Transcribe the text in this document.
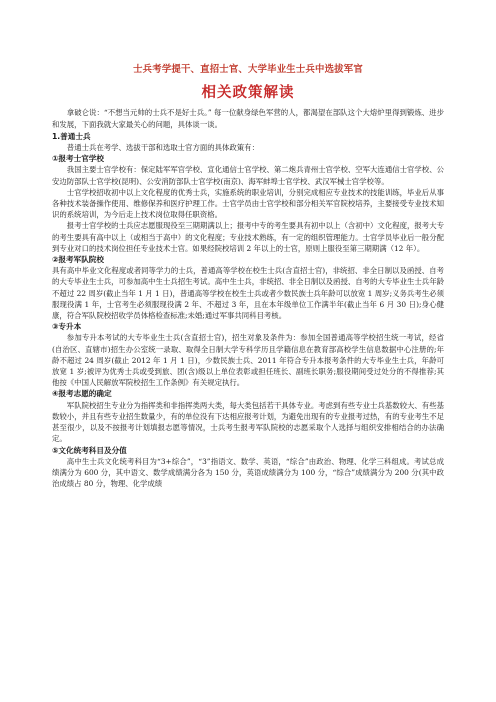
士兵考学提干、直招士官、大学毕业生士兵中选拔军官
相关政策解读

拿破仑说：“不想当元帅的士兵不是好士兵。” 每一位献身绿色军营的人，都渴望在部队这个大熔炉里得到锻炼、进步和发展，下面我就大家最关心的问题，具体谈一谈。

1.普通士兵

普通士兵在考学、选拔干部和选取士官方面的具体政策有：

①报考士官学校

我国主要士官学校有：保定陆军军官学校、宣化通信士官学校、第二炮兵青州士官学校、空军大连通信士官学校、公安边防部队士官学校(昆明)、公安消防部队士官学校(南京)、海军蚌埠士官学校、武汉军械士官学校等。

士官学校招收初中以上文化程度的优秀士兵，实施系统的职业培训，分别完成相应专业技术的技能训练，毕业后从事各种技术装备操作使用、维修保养和医疗护理工作。士官学员由士官学校和部分相关军官院校培养，主要接受专业技术知识的系统培训，为今后走上技术岗位取得任职资格。

报考士官学校的士兵应志愿服现役至三期期满以上；报考中专的考生要具有初中以上（含初中）文化程度，报考大专的考生要具有高中以上（或相当于高中）的文化程度；专业技术熟练，有一定的组织管理能力。士官学员毕业后一般分配到专业对口的技术岗位担任专业技术士官。如果经院校培训 2 年以上的士官，原则上服役至第三期期满（12 年）。

②报考军队院校

具有高中毕业文化程度或者同等学力的士兵，普通高等学校在校生士兵(含直招士官)，非统招、非全日制以及函授、自考的大专毕业生士兵，可参加高中生士兵招生考试。高中生士兵，非统招、非全日制以及函授、自考的大专毕业生士兵年龄不超过 22 周岁(截止当年 1 月 1 日)，普通高等学校在校生士兵或者少数民族士兵年龄可以放宽 1 周岁;义务兵考生必须服现役满 1 年，士官考生必须服现役满 2 年、不超过 3 年，且在本年级单位工作满半年(截止当年 6 月 30 日);身心健康，符合军队院校招收学员体格检查标准;未婚;通过军事共同科目考核。

③专升本

参加专升本考试的大专毕业生士兵(含直招士官)，招生对象及条件为：参加全国普通高等学校招生统一考试，经省(自治区、直辖市)招生办公室统一录取、取得全日制大学专科学历且学籍信息在教育部高校学生信息数据中心注册的;年龄不超过 24 周岁(截止 2012 年 1 月 1 日)，少数民族士兵、2011 年符合专升本报考条件的大专毕业生士兵，年龄可放宽 1 岁;被评为优秀士兵或受到旅、团(含)级以上单位表彰或担任班长、副班长职务;服役期间受过处分的不得推荐;其他按《中国人民解放军院校招生工作条例》有关规定执行。

④报考志愿的确定

军队院校招生专业分为指挥类和非指挥类两大类，每大类包括若干具体专业。考虑到有些专业士兵基数较大、有些基数较小，并且有些专业招生数量少，有的单位没有下达相应报考计划，为避免出现有的专业报考过热，有的专业考生不足甚至很少，以及不按报考计划填报志愿等情况，士兵考生报考军队院校的志愿采取个人选择与组织安排相结合的办法确定。

⑤文化统考科目及分值

高中生士兵文化统考科目为“3+综合”，“3”指语文、数学、英语，“综合”由政治、物理、化学三科组成。考试总成绩满分为 600 分，其中语文、数学成绩满分各为 150 分，英语成绩满分为 100 分，“综合”成绩满分为 200 分(其中政治成绩占 80 分，物理、化学成绩
